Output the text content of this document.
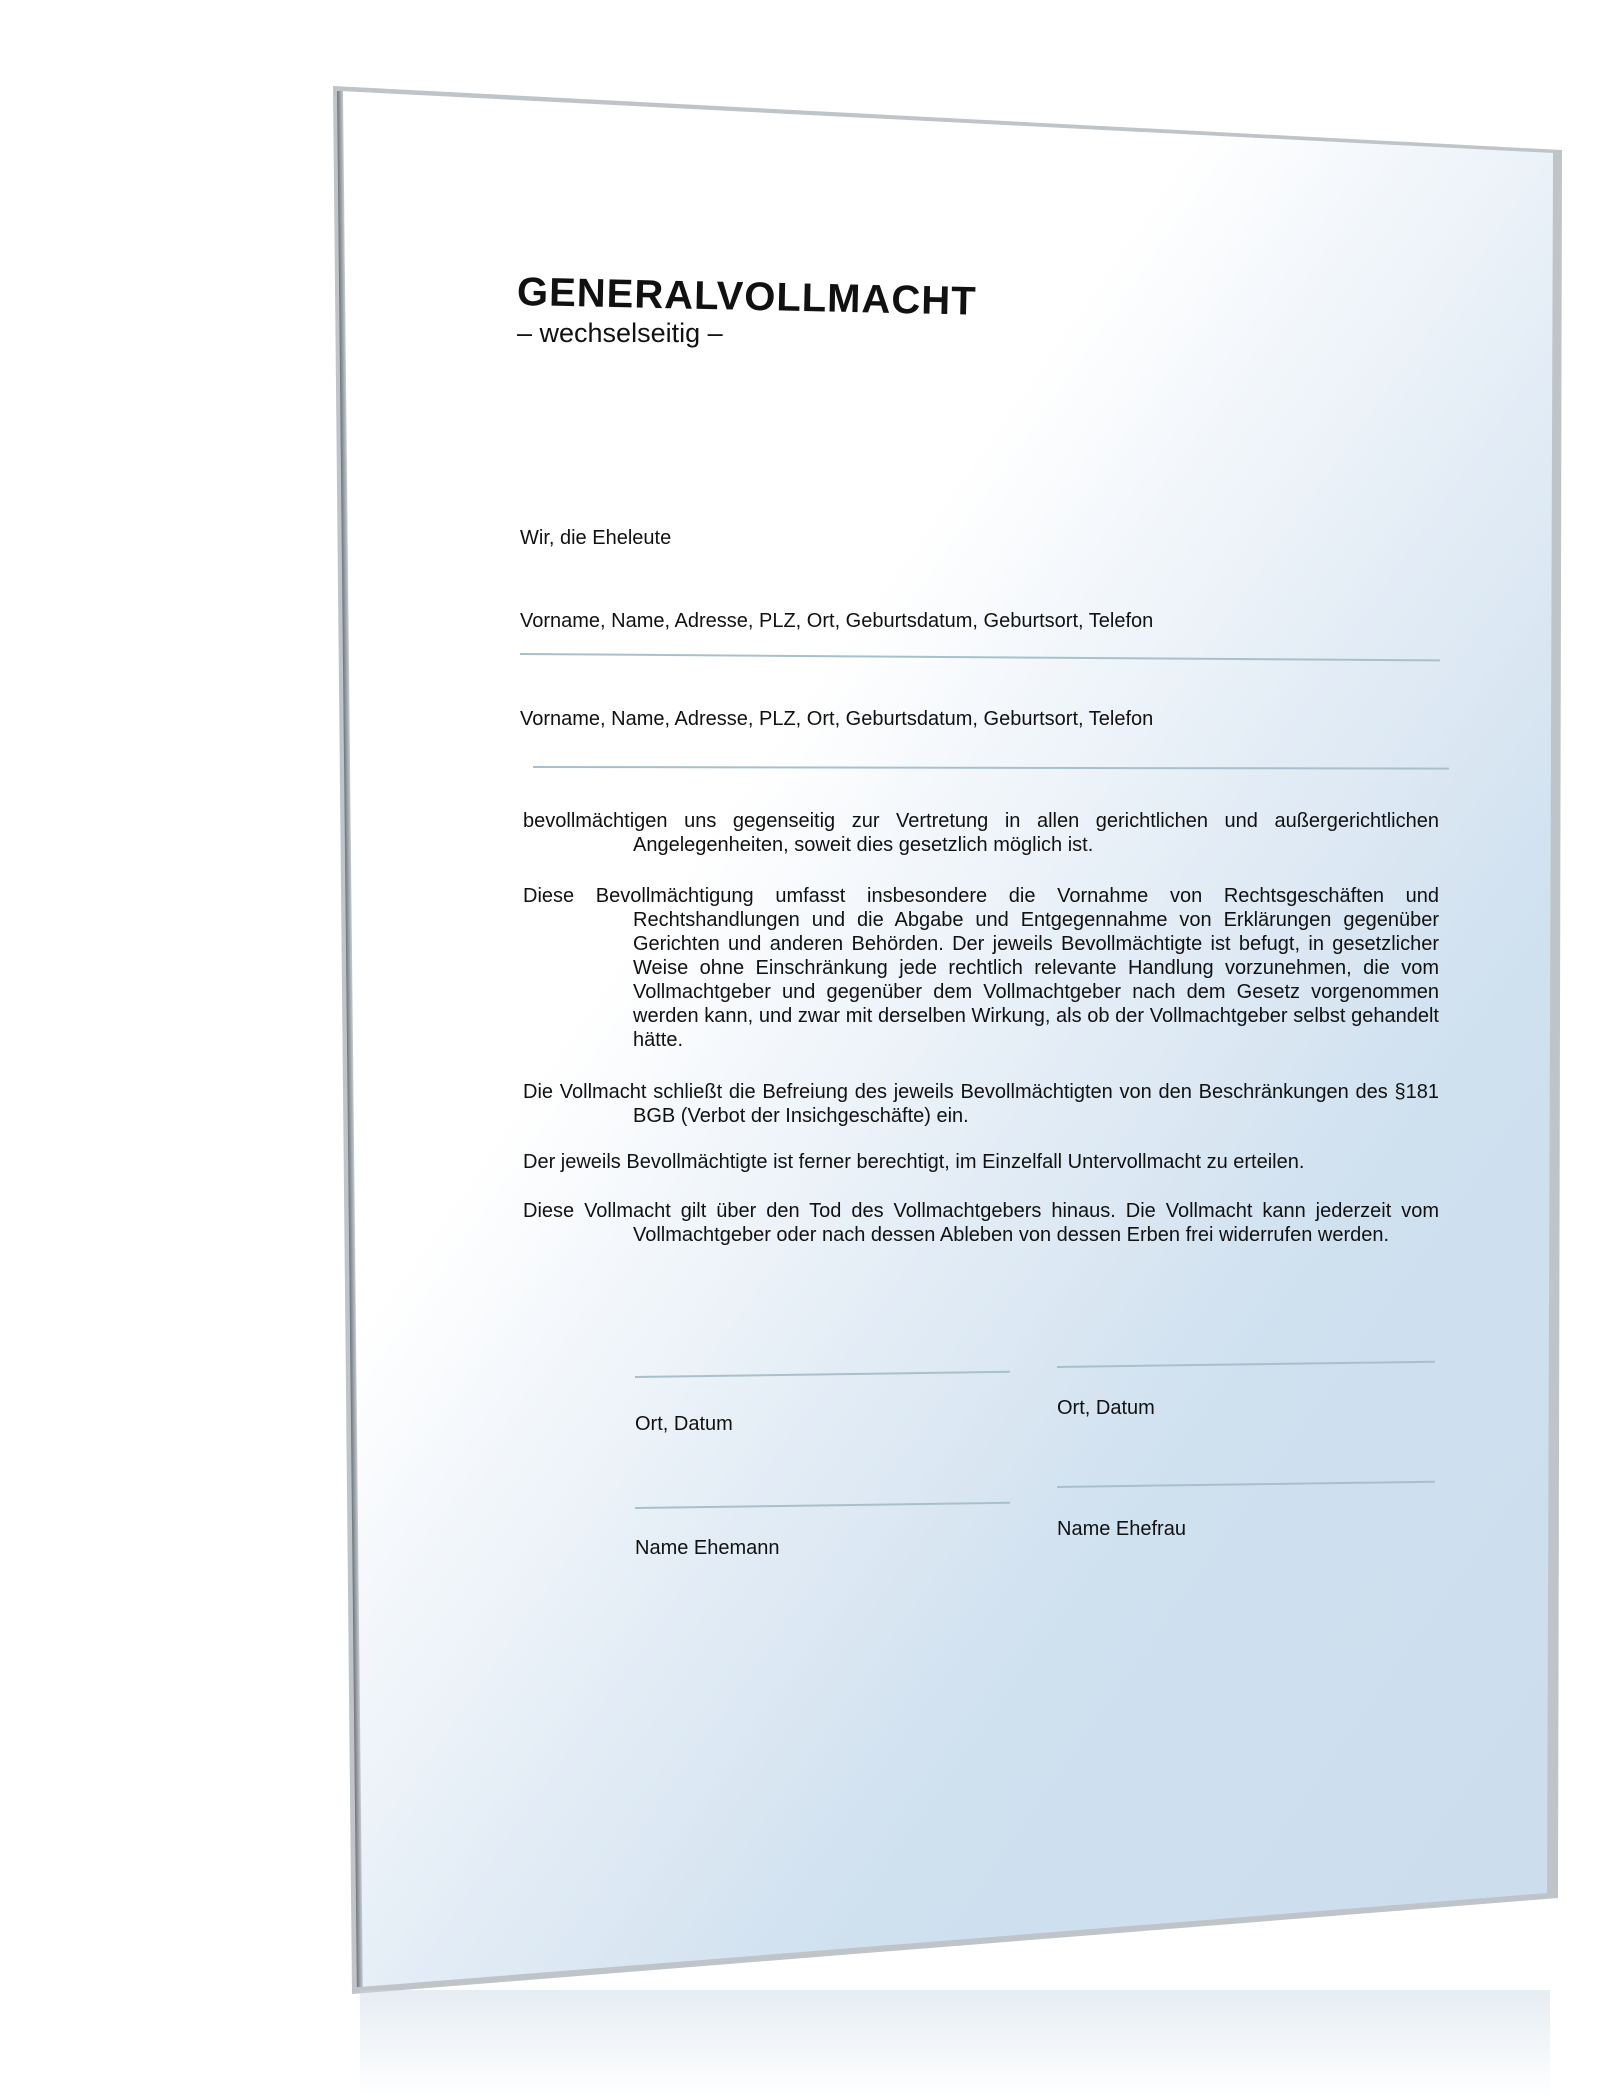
GENERALVOLLMACHT
– wechselseitig –
Wir, die Eheleute
Vorname, Name, Adresse, PLZ, Ort, Geburtsdatum, Geburtsort, Telefon
Vorname, Name, Adresse, PLZ, Ort, Geburtsdatum, Geburtsort, Telefon
bevollmächtigen uns gegenseitig zur Vertretung in allen gerichtlichen und außergerichtlichen
Angelegenheiten, soweit dies gesetzlich möglich ist.
Diese Bevollmächtigung umfasst insbesondere die Vornahme von Rechtsgeschäften und
Rechtshandlungen und die Abgabe und Entgegennahme von Erklärungen gegenüber Gerichten und anderen Behörden. Der jeweils Bevollmächtigte ist befugt, in gesetzlicher Weise ohne Einschränkung jede rechtlich relevante Handlung vorzunehmen, die vom Vollmachtgeber und gegenüber dem Vollmachtgeber nach dem Gesetz vorgenommen werden kann, und zwar mit derselben Wirkung, als ob der Vollmachtgeber selbst gehandelt hätte.
Die Vollmacht schließt die Befreiung des jeweils Bevollmächtigten von den Beschränkungen des §181
BGB (Verbot der Insichgeschäfte) ein.
Der jeweils Bevollmächtigte ist ferner berechtigt, im Einzelfall Untervollmacht zu erteilen.
Diese Vollmacht gilt über den Tod des Vollmachtgebers hinaus. Die Vollmacht kann jederzeit vom
Vollmachtgeber oder nach dessen Ableben von dessen Erben frei widerrufen werden.
Ort, Datum
Ort, Datum
Name Ehemann
Name Ehefrau
